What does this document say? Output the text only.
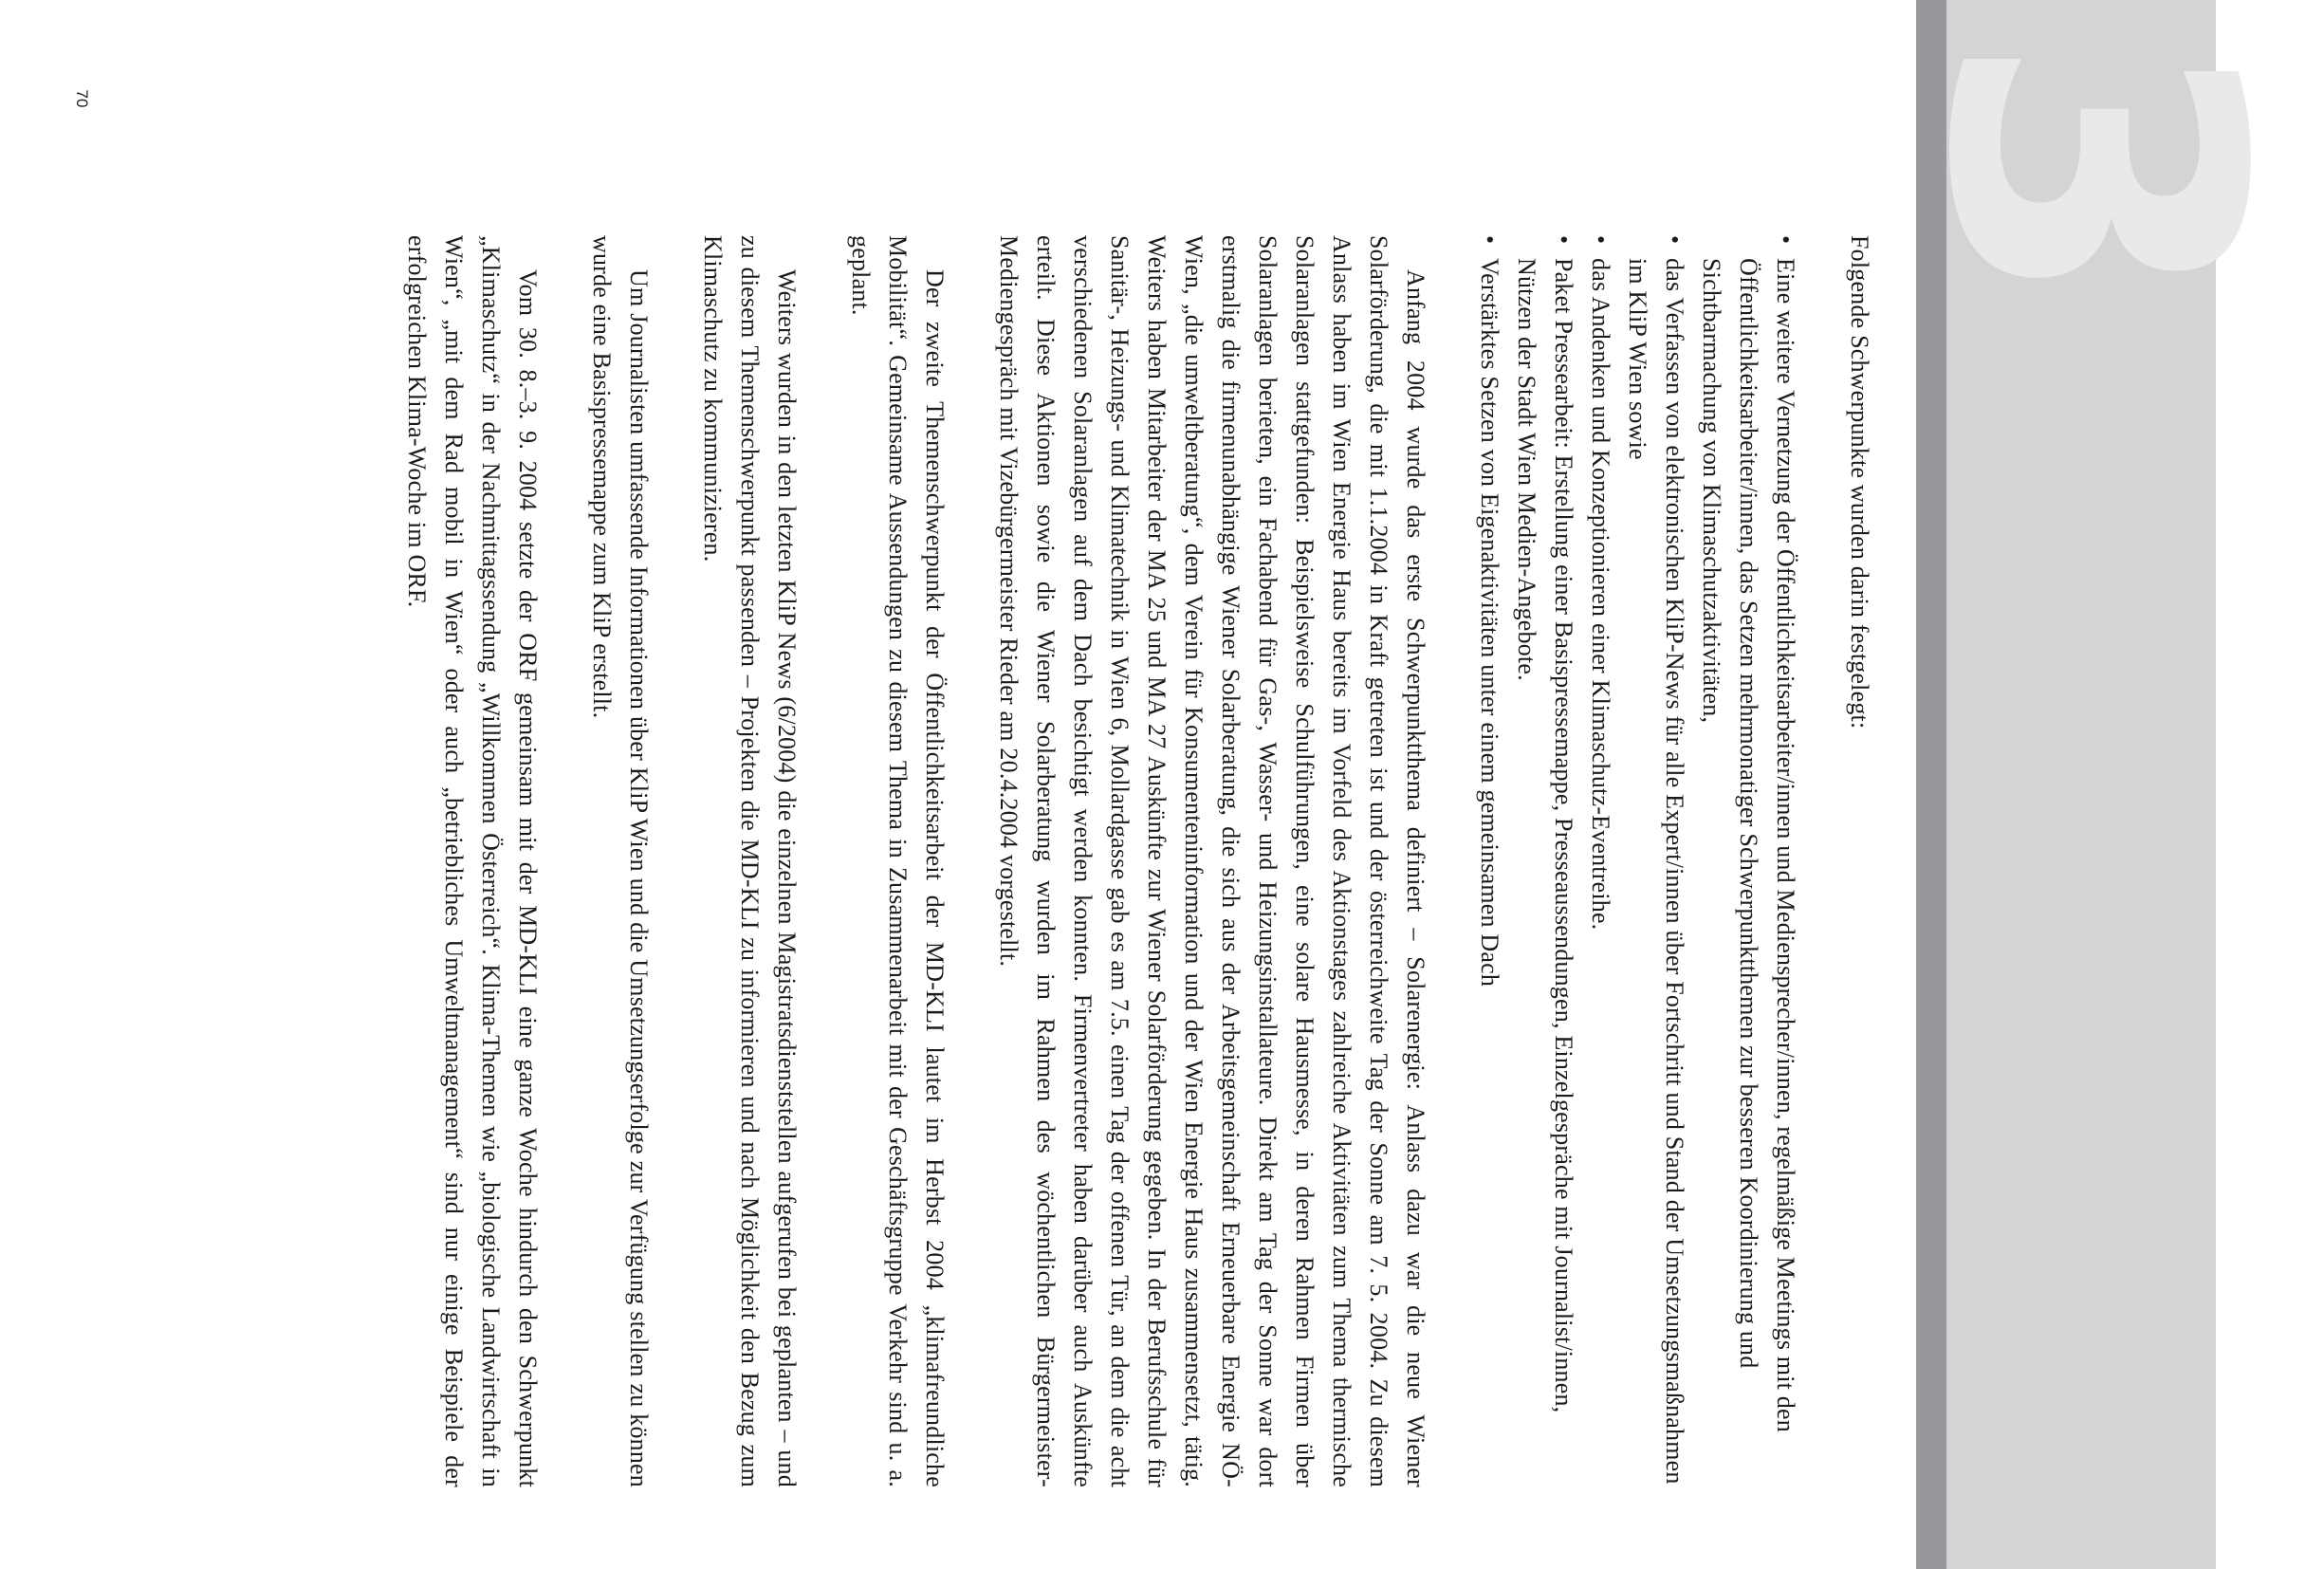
3
70

Folgende Schwerpunkte wurden darin festgelegt:

•
Eine weitere Vernetzung der Öffentlichkeitsarbeiter/innen und Mediensprecher/innen, regelmäßige Meetings mit den Öffentlichkeitsarbeiter/innen, das Setzen mehrmonatiger Schwerpunktthemen zur besseren Koordinierung und Sichtbarmachung von Klimaschutzaktivitäten,
•
das Verfassen von elektronischen KliP-News für alle Expert/innen über Fortschritt und Stand der Umsetzungsmaßnahmen im KliP Wien sowie
•
das Andenken und Konzeptionieren einer Klimaschutz-Eventreihe.
•
Paket Pressearbeit: Erstellung einer Basispressemappe, Presseaussendungen, Einzelgespräche mit Journalist/innen, Nützen der Stadt Wien Medien-Angebote.
•
Verstärktes Setzen von Eigenaktivitäten unter einem gemeinsamen Dach

Anfang 2004 wurde das erste Schwerpunktthema definiert – Solarenergie: Anlass dazu war die neue Wiener Solarförderung, die mit 1.1.2004 in Kraft getreten ist und der österreichweite Tag der Sonne am 7. 5. 2004. Zu diesem Anlass haben im Wien Energie Haus bereits im Vorfeld des Aktionstages zahlreiche Aktivitäten zum Thema thermische Solaranlagen stattgefunden: Beispielsweise Schulführungen, eine solare Hausmesse, in deren Rahmen Firmen über Solaranlagen berieten, ein Fachabend für Gas-, Wasser- und Heizungsinstallateure. Direkt am Tag der Sonne war dort erstmalig die firmenunabhängige Wiener Solarberatung, die sich aus der Arbeitsgemeinschaft Erneuerbare Energie NÖ-Wien, „die umweltberatung“, dem Verein für Konsumenteninformation und der Wien Energie Haus zusammensetzt, tätig. Weiters haben Mitarbeiter der MA 25 und MA 27 Auskünfte zur Wiener Solarförderung gegeben. In der Berufsschule für Sanitär-, Heizungs- und Klimatechnik in Wien 6, Mollardgasse gab es am 7.5. einen Tag der offenen Tür, an dem die acht verschiedenen Solaranlagen auf dem Dach besichtigt werden konnten. Firmenvertreter haben darüber auch Auskünfte erteilt. Diese Aktionen sowie die Wiener Solarberatung wurden im Rahmen des wöchentlichen Bürgermeister-Mediengespräch mit Vizebürgermeister Rieder am 20.4.2004 vorgestellt.

Der zweite Themenschwerpunkt der Öffentlichkeitsarbeit der MD-KLI lautet im Herbst 2004 „klimafreundliche Mobilität“. Gemeinsame Aussendungen zu diesem Thema in Zusammenarbeit mit der Geschäftsgruppe Verkehr sind u. a. geplant.

Weiters wurden in den letzten KliP News (6/2004) die einzelnen Magistratsdienststellen aufgerufen bei geplanten – und zu diesem Themenschwerpunkt passenden – Projekten die MD-KLI zu informieren und nach Möglichkeit den Bezug zum Klimaschutz zu kommunizieren.

Um Journalisten umfassende Informationen über KliP Wien und die Umsetzungserfolge zur Verfügung stellen zu können wurde eine Basispressemappe zum KliP erstellt.

Vom 30. 8.–3. 9. 2004 setzte der ORF gemeinsam mit der MD-KLI eine ganze Woche hindurch den Schwerpunkt „Klimaschutz“ in der Nachmittagssendung „Willkommen Österreich“. Klima-Themen wie „biologische Landwirtschaft in Wien“, „mit dem Rad mobil in Wien“ oder auch „betriebliches Umweltmanagement“ sind nur einige Beispiele der erfolgreichen Klima-Woche im ORF.
